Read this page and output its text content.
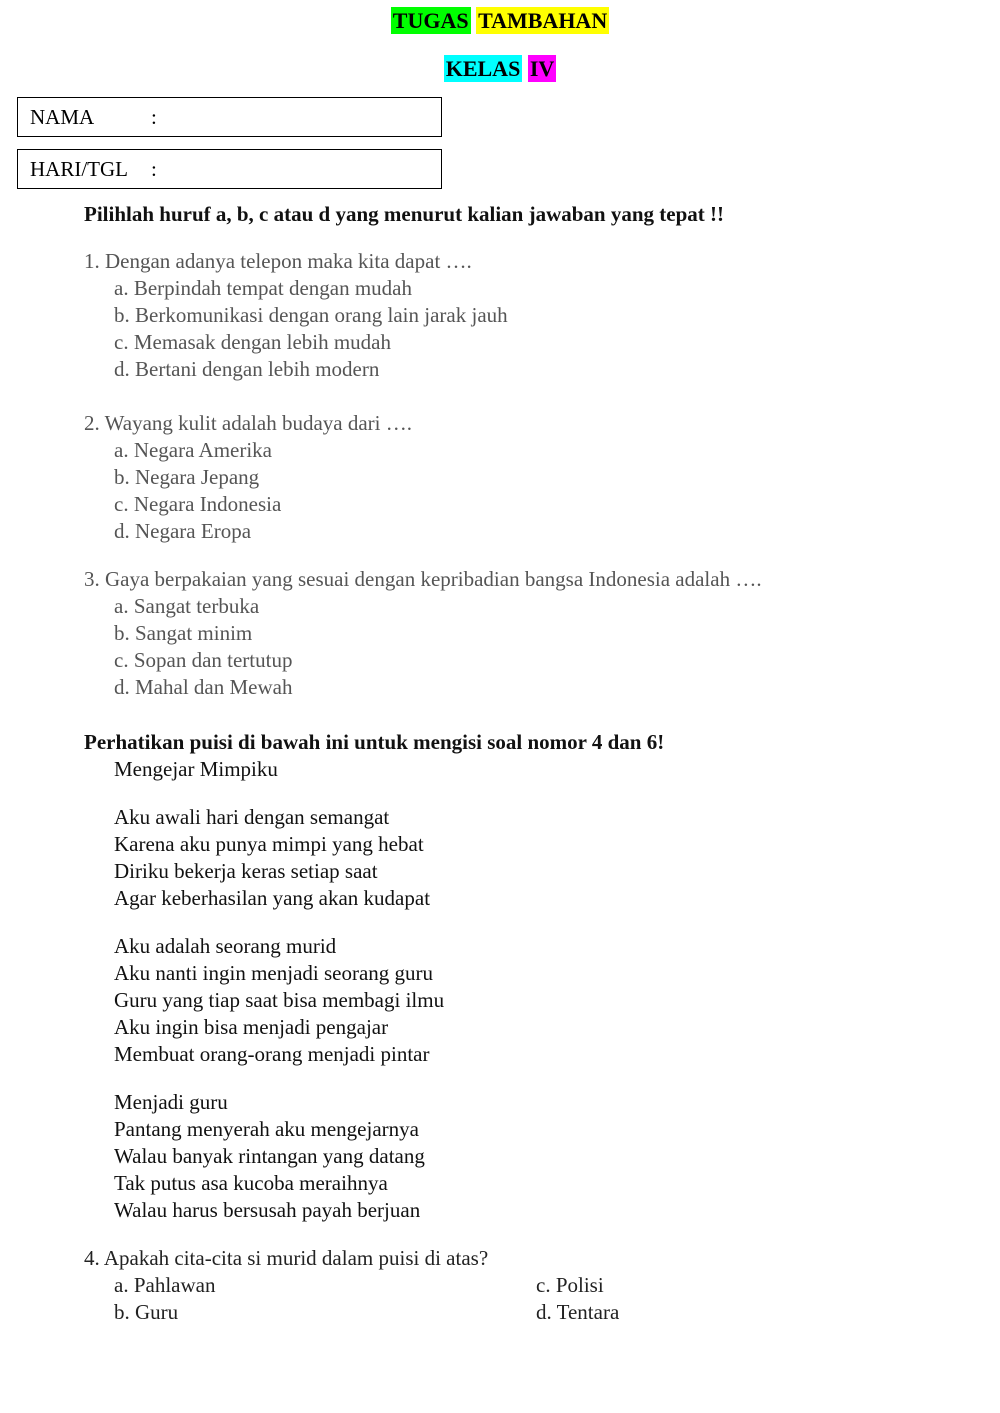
TUGAS TAMBAHAN
KELAS IV
NAMA	:
HARI/TGL :
Pilihlah huruf a, b, c atau d yang menurut kalian jawaban yang tepat !!
1. Dengan adanya telepon maka kita dapat ….
a. Berpindah tempat dengan mudah
b. Berkomunikasi dengan orang lain jarak jauh
c. Memasak dengan lebih mudah
d. Bertani dengan lebih modern
2. Wayang kulit adalah budaya dari ….
a. Negara Amerika
b. Negara Jepang
c. Negara Indonesia
d. Negara Eropa
3. Gaya berpakaian yang sesuai dengan kepribadian bangsa Indonesia adalah ….
a. Sangat terbuka
b. Sangat minim
c. Sopan dan tertutup
d. Mahal dan Mewah
Perhatikan puisi di bawah ini untuk mengisi soal nomor 4 dan 6!
Mengejar Mimpiku
Aku awali hari dengan semangat
Karena aku punya mimpi yang hebat
Diriku bekerja keras setiap saat
Agar keberhasilan yang akan kudapat
Aku adalah seorang murid
Aku nanti ingin menjadi seorang guru
Guru yang tiap saat bisa membagi ilmu
Aku ingin bisa menjadi pengajar
Membuat orang-orang menjadi pintar
Menjadi guru
Pantang menyerah aku mengejarnya
Walau banyak rintangan yang datang
Tak putus asa kucoba meraihnya
Walau harus bersusah payah berjuan
4. Apakah cita-cita si murid dalam puisi di atas?
a. Pahlawan
b. Guru
c. Polisi
d. Tentara
